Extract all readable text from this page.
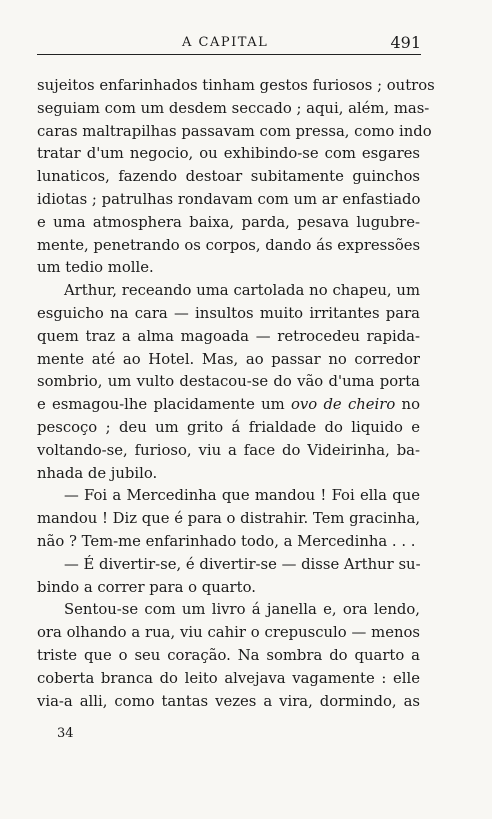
A CAPITAL	491

sujeitos enfarinhados tinham gestos furiosos ; outros
seguiam com um desdem seccado ; aqui, além, mas-
caras maltrapilhas passavam com pressa, como indo
tratar d'um negocio, ou exhibindo-se com esgares
lunaticos, fazendo destoar subitamente guinchos
idiotas ; patrulhas rondavam com um ar enfastiado
e uma atmosphera baixa, parda, pesava lugubre-
mente, penetrando os corpos, dando ás expressões
um tedio molle.

Arthur, receando uma cartolada no chapeu, um
esguicho na cara — insultos muito irritantes para
quem traz a alma magoada — retrocedeu rapida-
mente até ao Hotel. Mas, ao passar no corredor
sombrio, um vulto destacou-se do vão d'uma porta
e esmagou-lhe placidamente um ovo de cheiro no
pescoço ; deu um grito á frialdade do liquido e
voltando-se, furioso, viu a face do Videirinha, ba-
nhada de jubilo.

— Foi a Mercedinha que mandou ! Foi ella que
mandou ! Diz que é para o distrahir. Tem gracinha,
não ? Tem-me enfarinhado todo, a Mercedinha . . .

— É divertir-se, é divertir-se — disse Arthur su-
bindo a correr para o quarto.

Sentou-se com um livro á janella e, ora lendo,
ora olhando a rua, viu cahir o crepusculo — menos
triste que o seu coração. Na sombra do quarto a
coberta branca do leito alvejava vagamente : elle
via-a alli, como tantas vezes a vira, dormindo, as

34
